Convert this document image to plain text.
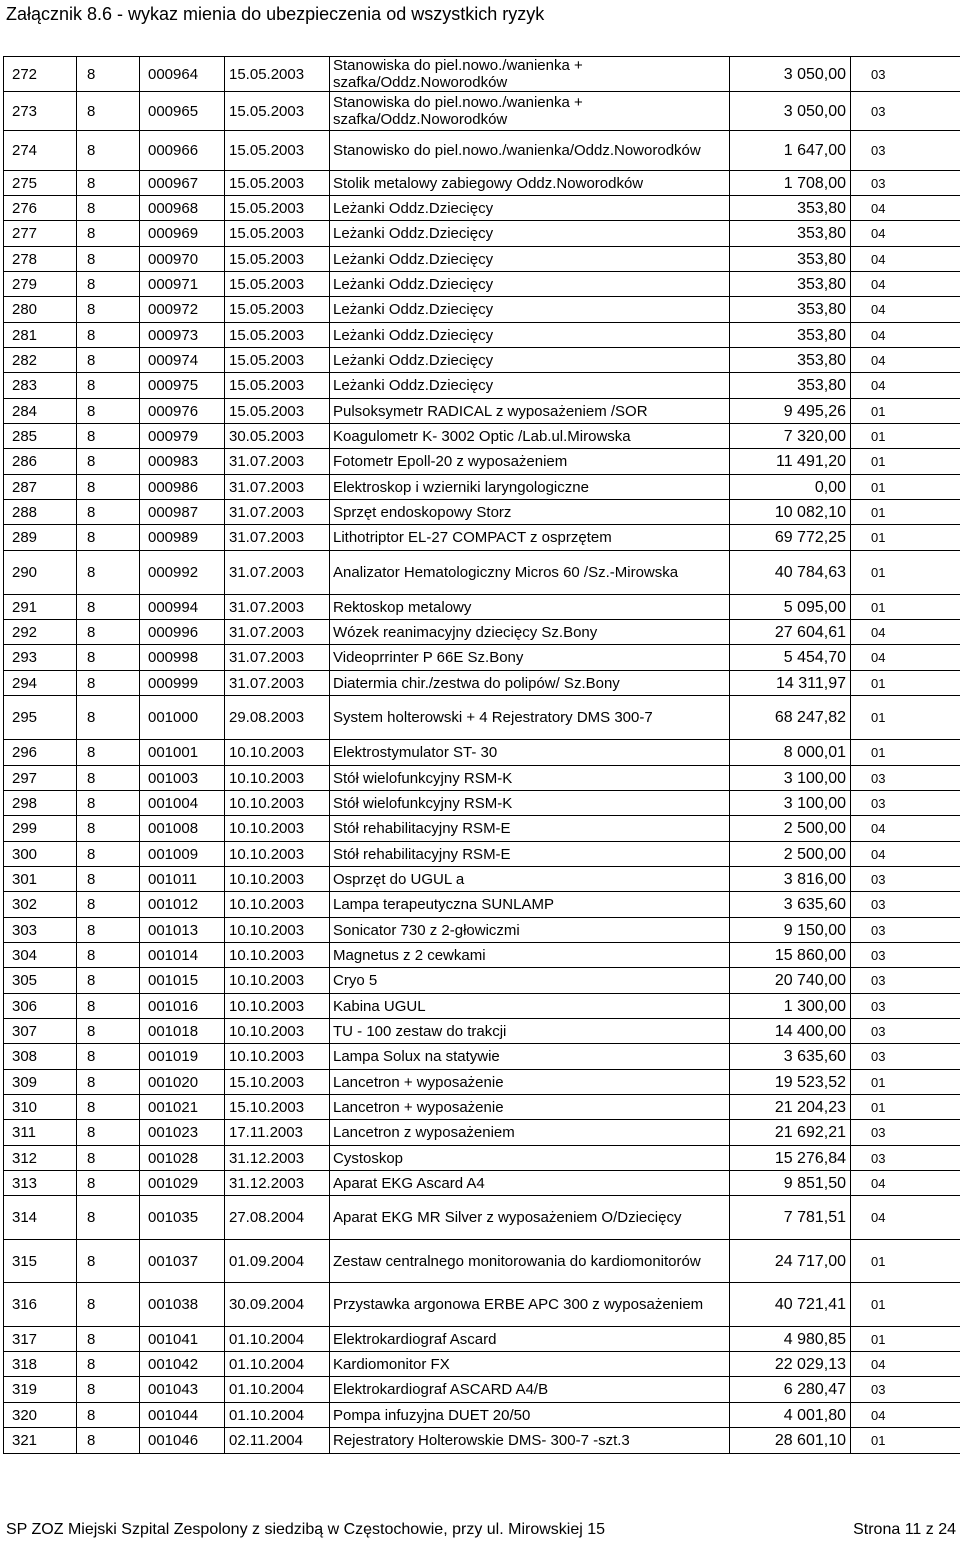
Załącznik 8.6 - wykaz mienia do ubezpieczenia od wszystkich ryzyk
272	8	000964	15.05.2003	Stanowiska do piel.nowo./wanienka + szafka/Oddz.Noworodków	3 050,00	03
273	8	000965	15.05.2003	Stanowiska do piel.nowo./wanienka + szafka/Oddz.Noworodków	3 050,00	03
274	8	000966	15.05.2003	Stanowisko do piel.nowo./wanienka/Oddz.Noworodków	1 647,00	03
275	8	000967	15.05.2003	Stolik metalowy zabiegowy Oddz.Noworodków	1 708,00	03
276	8	000968	15.05.2003	Leżanki Oddz.Dziecięcy	353,80	04
277	8	000969	15.05.2003	Leżanki Oddz.Dziecięcy	353,80	04
278	8	000970	15.05.2003	Leżanki Oddz.Dziecięcy	353,80	04
279	8	000971	15.05.2003	Leżanki Oddz.Dziecięcy	353,80	04
280	8	000972	15.05.2003	Leżanki Oddz.Dziecięcy	353,80	04
281	8	000973	15.05.2003	Leżanki Oddz.Dziecięcy	353,80	04
282	8	000974	15.05.2003	Leżanki Oddz.Dziecięcy	353,80	04
283	8	000975	15.05.2003	Leżanki Oddz.Dziecięcy	353,80	04
284	8	000976	15.05.2003	Pulsoksymetr RADICAL z wyposażeniem /SOR	9 495,26	01
285	8	000979	30.05.2003	Koagulometr K- 3002 Optic /Lab.ul.Mirowska	7 320,00	01
286	8	000983	31.07.2003	Fotometr Epoll-20 z wyposażeniem	11 491,20	01
287	8	000986	31.07.2003	Elektroskop i wzierniki laryngologiczne	0,00	01
288	8	000987	31.07.2003	Sprzęt endoskopowy Storz	10 082,10	01
289	8	000989	31.07.2003	Lithotriptor EL-27 COMPACT z osprzętem	69 772,25	01
290	8	000992	31.07.2003	Analizator Hematologiczny Micros 60 /Sz.-Mirowska	40 784,63	01
291	8	000994	31.07.2003	Rektoskop metalowy	5 095,00	01
292	8	000996	31.07.2003	Wózek reanimacyjny dziecięcy Sz.Bony	27 604,61	04
293	8	000998	31.07.2003	Videoprrinter P 66E Sz.Bony	5 454,70	04
294	8	000999	31.07.2003	Diatermia chir./zestwa do polipów/ Sz.Bony	14 311,97	01
295	8	001000	29.08.2003	System holterowski + 4 Rejestratory DMS 300-7	68 247,82	01
296	8	001001	10.10.2003	Elektrostymulator ST- 30	8 000,01	01
297	8	001003	10.10.2003	Stół wielofunkcyjny RSM-K	3 100,00	03
298	8	001004	10.10.2003	Stół wielofunkcyjny RSM-K	3 100,00	03
299	8	001008	10.10.2003	Stół rehabilitacyjny RSM-E	2 500,00	04
300	8	001009	10.10.2003	Stół rehabilitacyjny RSM-E	2 500,00	04
301	8	001011	10.10.2003	Osprzęt do UGUL a	3 816,00	03
302	8	001012	10.10.2003	Lampa terapeutyczna SUNLAMP	3 635,60	03
303	8	001013	10.10.2003	Sonicator 730 z 2-głowiczmi	9 150,00	03
304	8	001014	10.10.2003	Magnetus z 2 cewkami	15 860,00	03
305	8	001015	10.10.2003	Cryo 5	20 740,00	03
306	8	001016	10.10.2003	Kabina UGUL	1 300,00	03
307	8	001018	10.10.2003	TU - 100 zestaw do trakcji	14 400,00	03
308	8	001019	10.10.2003	Lampa Solux na statywie	3 635,60	03
309	8	001020	15.10.2003	Lancetron + wyposażenie	19 523,52	01
310	8	001021	15.10.2003	Lancetron + wyposażenie	21 204,23	01
311	8	001023	17.11.2003	Lancetron z wyposażeniem	21 692,21	03
312	8	001028	31.12.2003	Cystoskop	15 276,84	03
313	8	001029	31.12.2003	Aparat EKG Ascard A4	9 851,50	04
314	8	001035	27.08.2004	Aparat EKG MR Silver z wyposażeniem O/Dziecięcy	7 781,51	04
315	8	001037	01.09.2004	Zestaw centralnego monitorowania do kardiomonitorów	24 717,00	01
316	8	001038	30.09.2004	Przystawka argonowa ERBE APC 300 z wyposażeniem	40 721,41	01
317	8	001041	01.10.2004	Elektrokardiograf Ascard	4 980,85	01
318	8	001042	01.10.2004	Kardiomonitor FX	22 029,13	04
319	8	001043	01.10.2004	Elektrokardiograf ASCARD A4/B	6 280,47	03
320	8	001044	01.10.2004	Pompa infuzyjna DUET 20/50	4 001,80	04
321	8	001046	02.11.2004	Rejestratory Holterowskie DMS- 300-7 -szt.3	28 601,10	01
SP ZOZ Miejski Szpital Zespolony z siedzibą w Częstochowie, przy ul. Mirowskiej 15	Strona 11 z 24
